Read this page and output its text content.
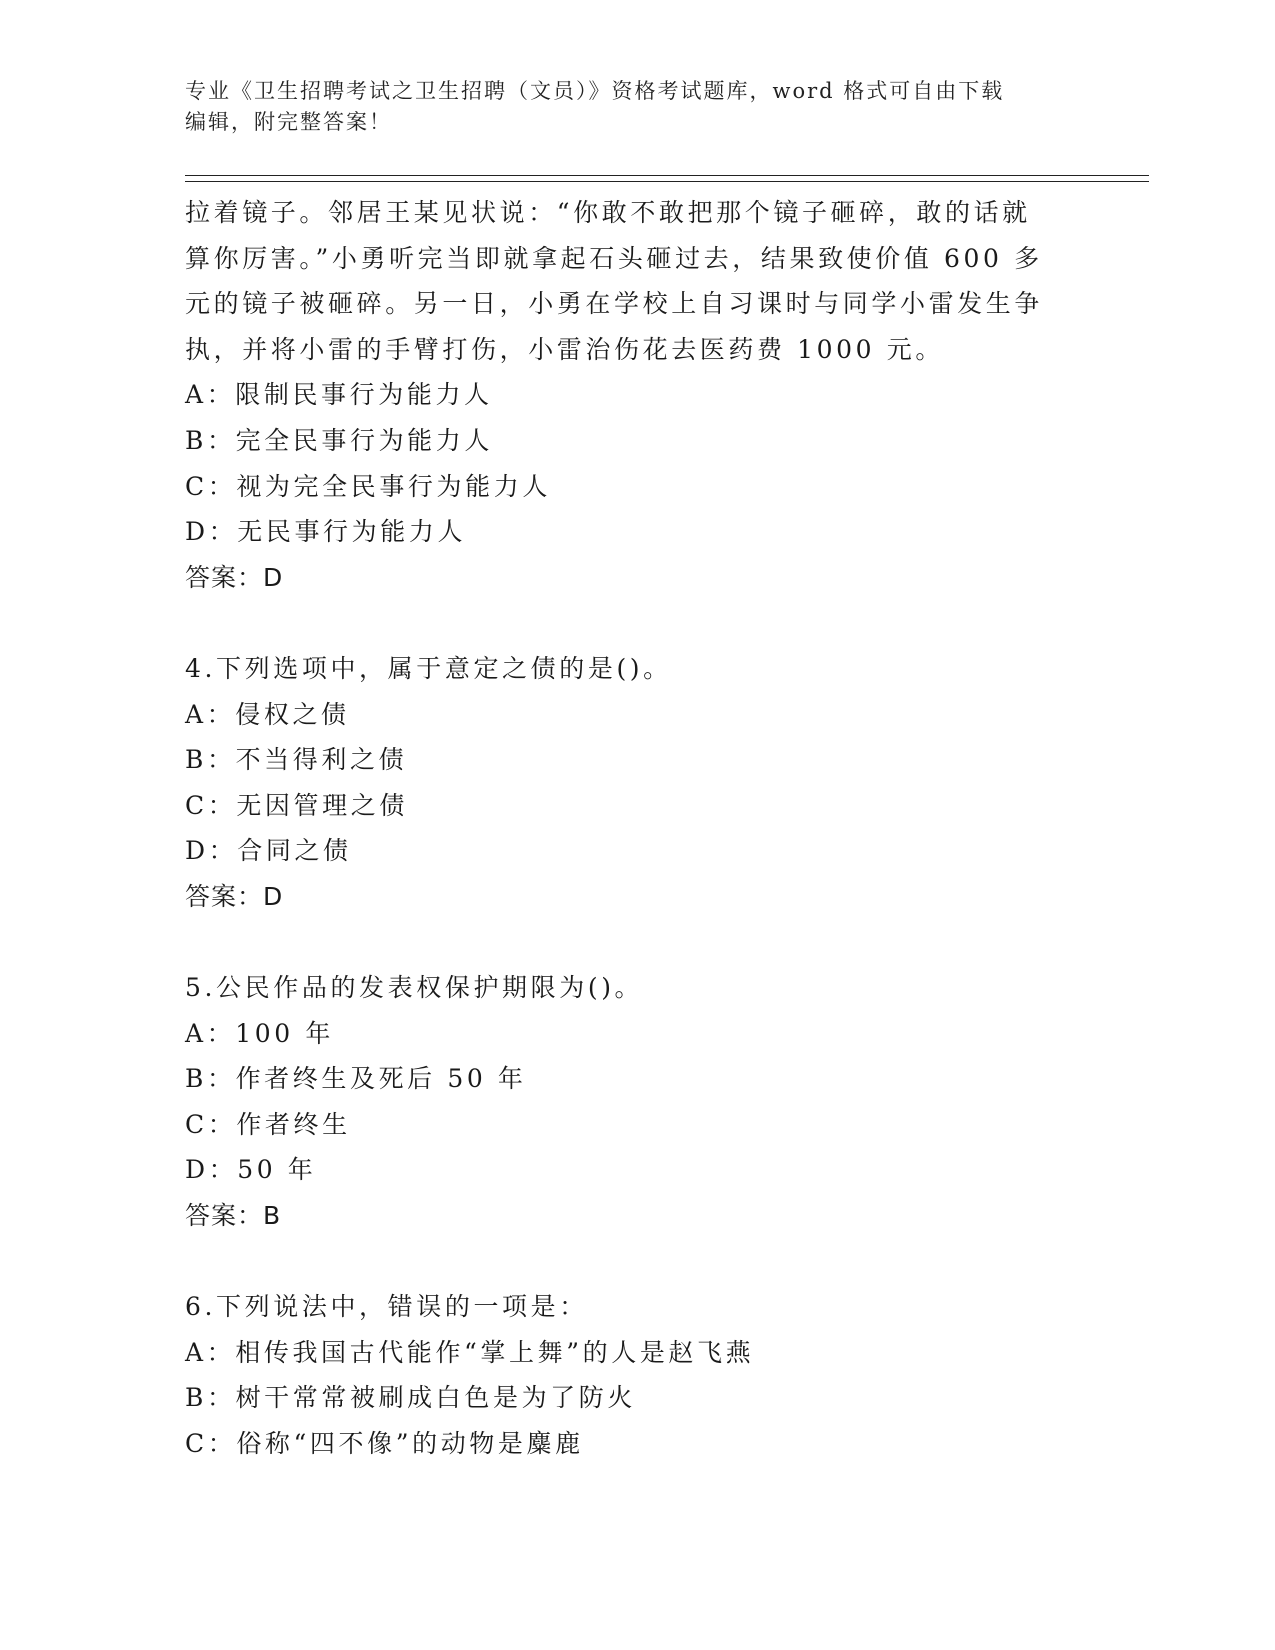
专业《卫生招聘考试之卫生招聘（文员）》资格考试题库，word 格式可自由下载
编辑，附完整答案！
拉着镜子。邻居王某见状说：“你敢不敢把那个镜子砸碎，敢的话就
算你厉害。”小勇听完当即就拿起石头砸过去，结果致使价值 600 多
元的镜子被砸碎。另一日，小勇在学校上自习课时与同学小雷发生争
执，并将小雷的手臂打伤，小雷治伤花去医药费 1000 元。
A：限制民事行为能力人
B：完全民事行为能力人
C：视为完全民事行为能力人
D：无民事行为能力人
答案：D
4.下列选项中，属于意定之债的是()。
A：侵权之债
B：不当得利之债
C：无因管理之债
D：合同之债
答案：D
5.公民作品的发表权保护期限为()。
A：100 年
B：作者终生及死后 50 年
C：作者终生
D：50 年
答案：B
6.下列说法中，错误的一项是：
A：相传我国古代能作“掌上舞”的人是赵飞燕
B：树干常常被刷成白色是为了防火
C：俗称“四不像”的动物是麋鹿
